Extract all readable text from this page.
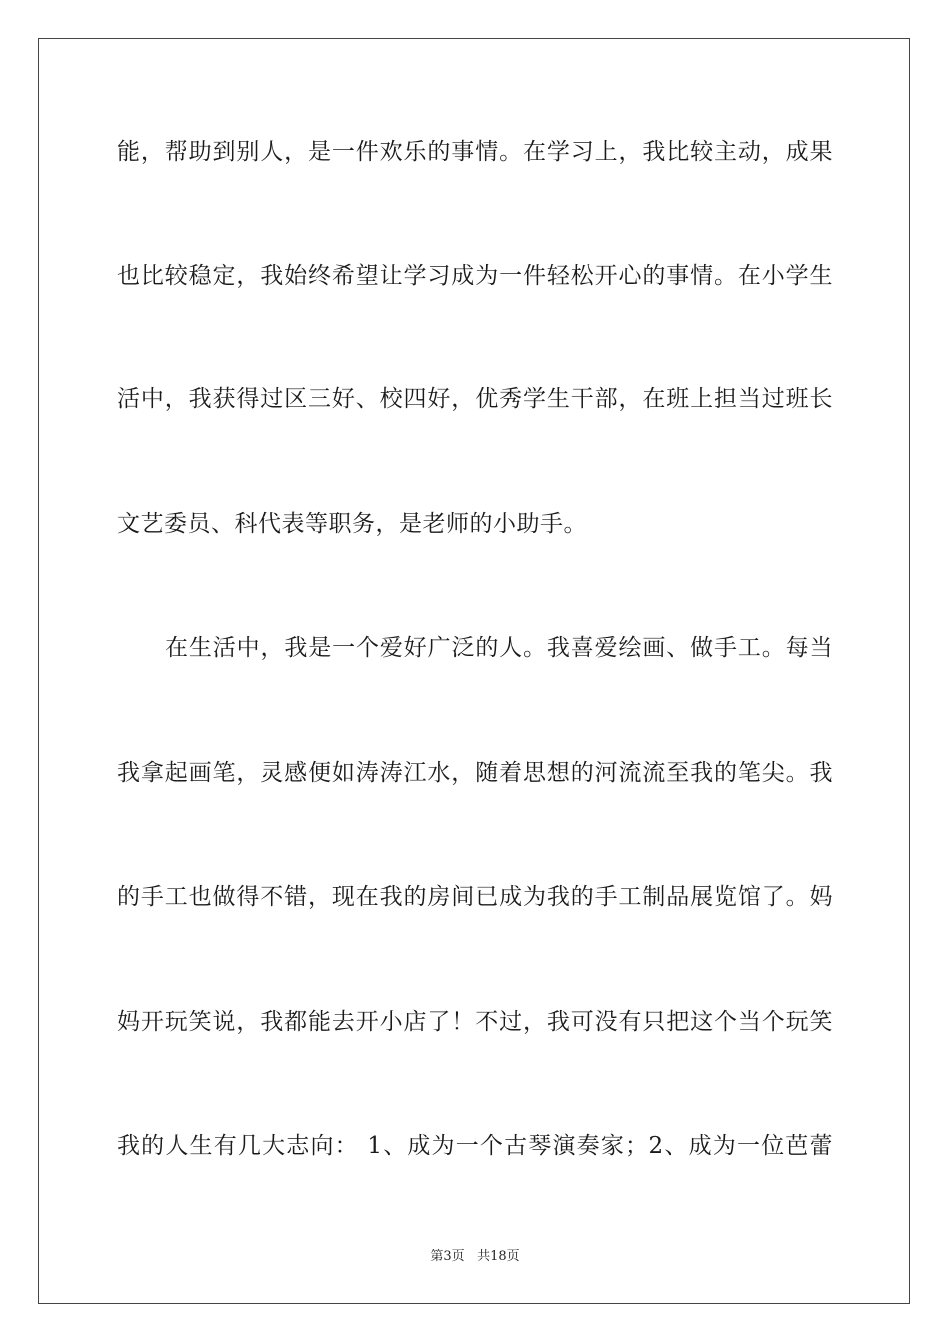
能，帮助到别人，是一件欢乐的事情。在学习上，我比较主动，成果
也比较稳定，我始终希望让学习成为一件轻松开心的事情。在小学生
活中，我获得过区三好、校四好，优秀学生干部，在班上担当过班长
文艺委员、科代表等职务，是老师的小助手。
在生活中，我是一个爱好广泛的人。我喜爱绘画、做手工。每当
我拿起画笔，灵感便如涛涛江水，随着思想的河流流至我的笔尖。我
的手工也做得不错，现在我的房间已成为我的手工制品展览馆了。妈
妈开玩笑说，我都能去开小店了！不过，我可没有只把这个当个玩笑
我的人生有几大志向： 1、成为一个古琴演奏家；2、成为一位芭蕾
第3页 共18页
